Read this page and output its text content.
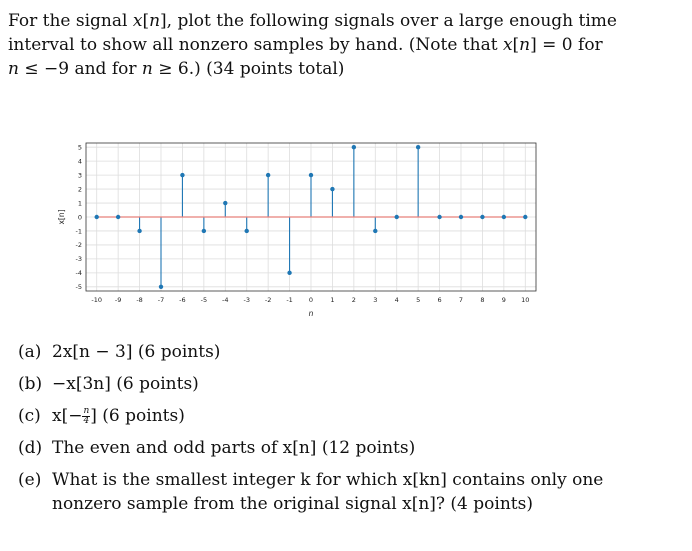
For the signal x[n], plot the following signals over a large enough time
interval to show all nonzero samples by hand. (Note that x[n] = 0 for
n ≤ −9 and for n ≥ 6.) (34 points total)

-10 -9 -8 -7 -6 -5 -4 -3 -2 -1 0	1	2	3	4	5	6	7	8	9 10
-5
-4
-3
-2
-1
0
1
2
3
4
5
n
x[n]
(a) 2x[n − 3] (6 points)
(b) −x[3n] (6 points)
(c) $x[- \frac{n}{4}$ ] (6 points)
(d) The even and odd parts of x[n] (12 points)
(e) What is the smallest integer k for which x[kn] contains only one nonzero sample from the original signal x[n]? (4 points)
